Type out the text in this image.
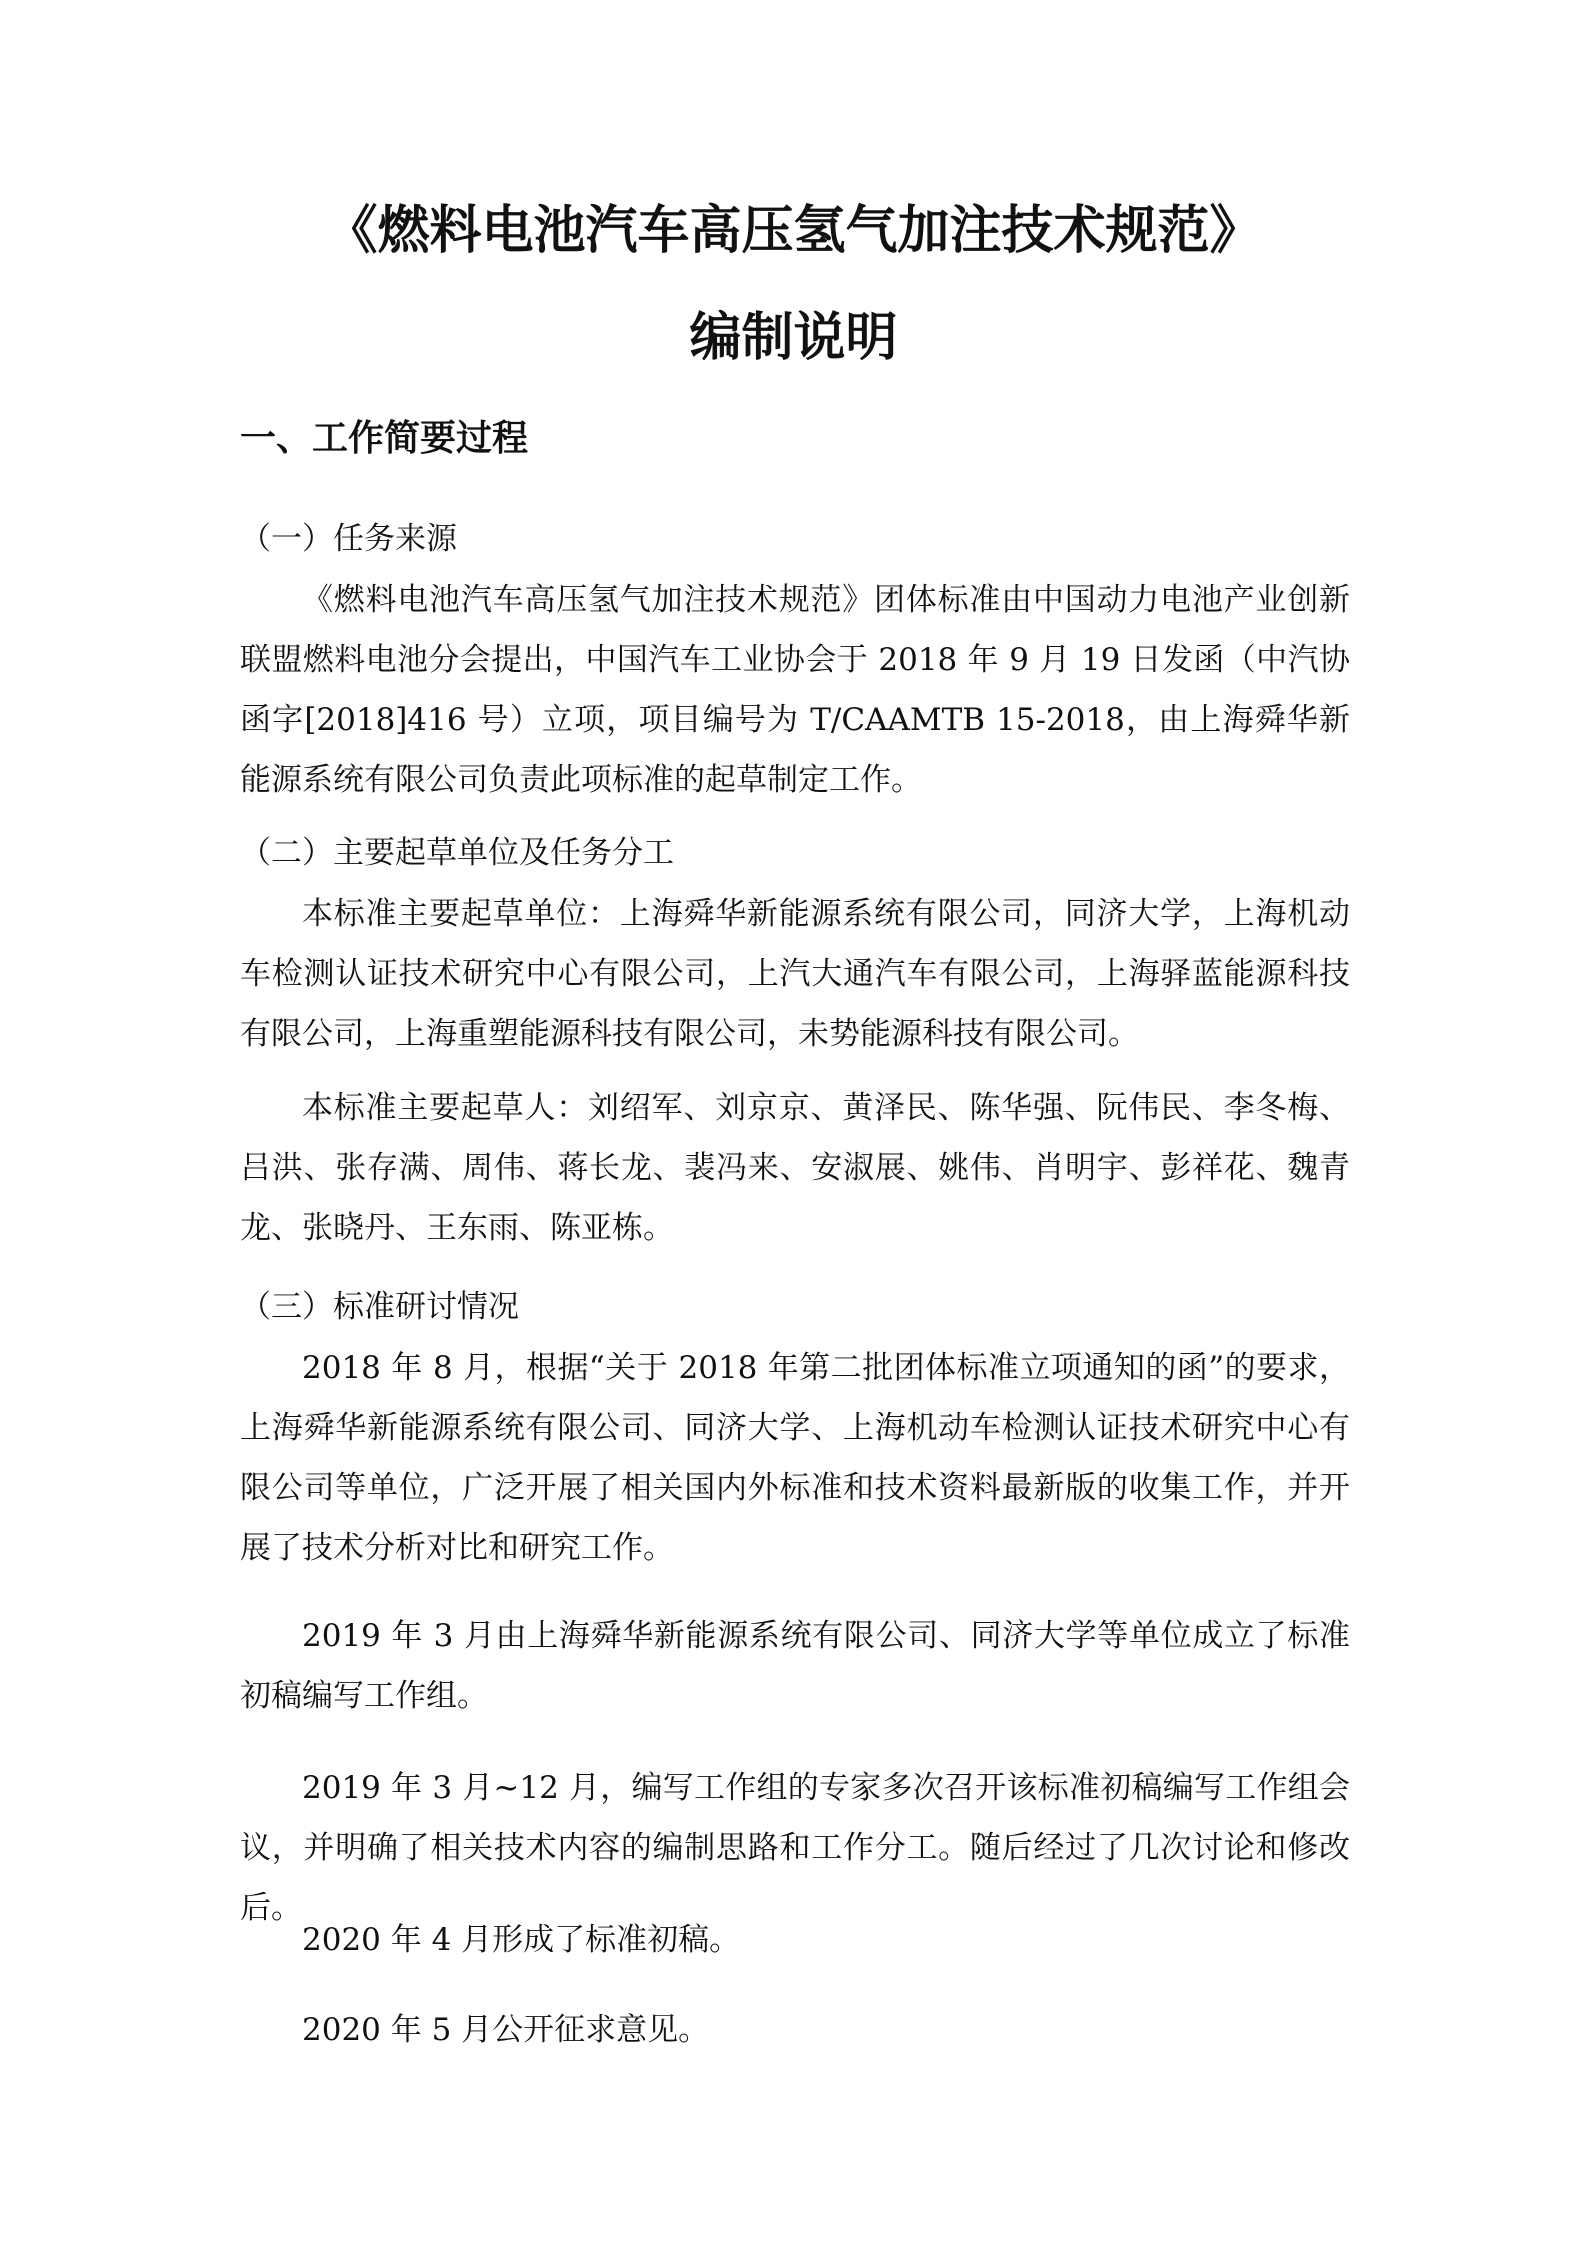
《燃料电池汽车高压氢气加注技术规范》
编制说明
一、工作简要过程
（一）任务来源

《燃料电池汽车高压氢气加注技术规范》团体标准由中国动力电池产业创新联盟燃料电池分会提出，中国汽车工业协会于 2018 年 9 月 19 日发函（中汽协函字[2018]416 号）立项，项目编号为 T/CAAMTB 15-2018，由上海舜华新能源系统有限公司负责此项标准的起草制定工作。

（二）主要起草单位及任务分工

本标准主要起草单位：上海舜华新能源系统有限公司，同济大学，上海机动车检测认证技术研究中心有限公司，上汽大通汽车有限公司，上海驿蓝能源科技有限公司，上海重塑能源科技有限公司，未势能源科技有限公司。

本标准主要起草人：刘绍军、刘京京、黄泽民、陈华强、阮伟民、李冬梅、吕洪、张存满、周伟、蒋长龙、裴冯来、安淑展、姚伟、肖明宇、彭祥花、魏青龙、张晓丹、王东雨、陈亚栋。

（三）标准研讨情况

2018 年 8 月，根据“关于 2018 年第二批团体标准立项通知的函”的要求，上海舜华新能源系统有限公司、同济大学、上海机动车检测认证技术研究中心有限公司等单位，广泛开展了相关国内外标准和技术资料最新版的收集工作，并开展了技术分析对比和研究工作。

2019 年 3 月由上海舜华新能源系统有限公司、同济大学等单位成立了标准初稿编写工作组。

2019 年 3 月~12 月，编写工作组的专家多次召开该标准初稿编写工作组会议，并明确了相关技术内容的编制思路和工作分工。随后经过了几次讨论和修改后。

2020 年 4 月形成了标准初稿。

2020 年 5 月公开征求意见。
